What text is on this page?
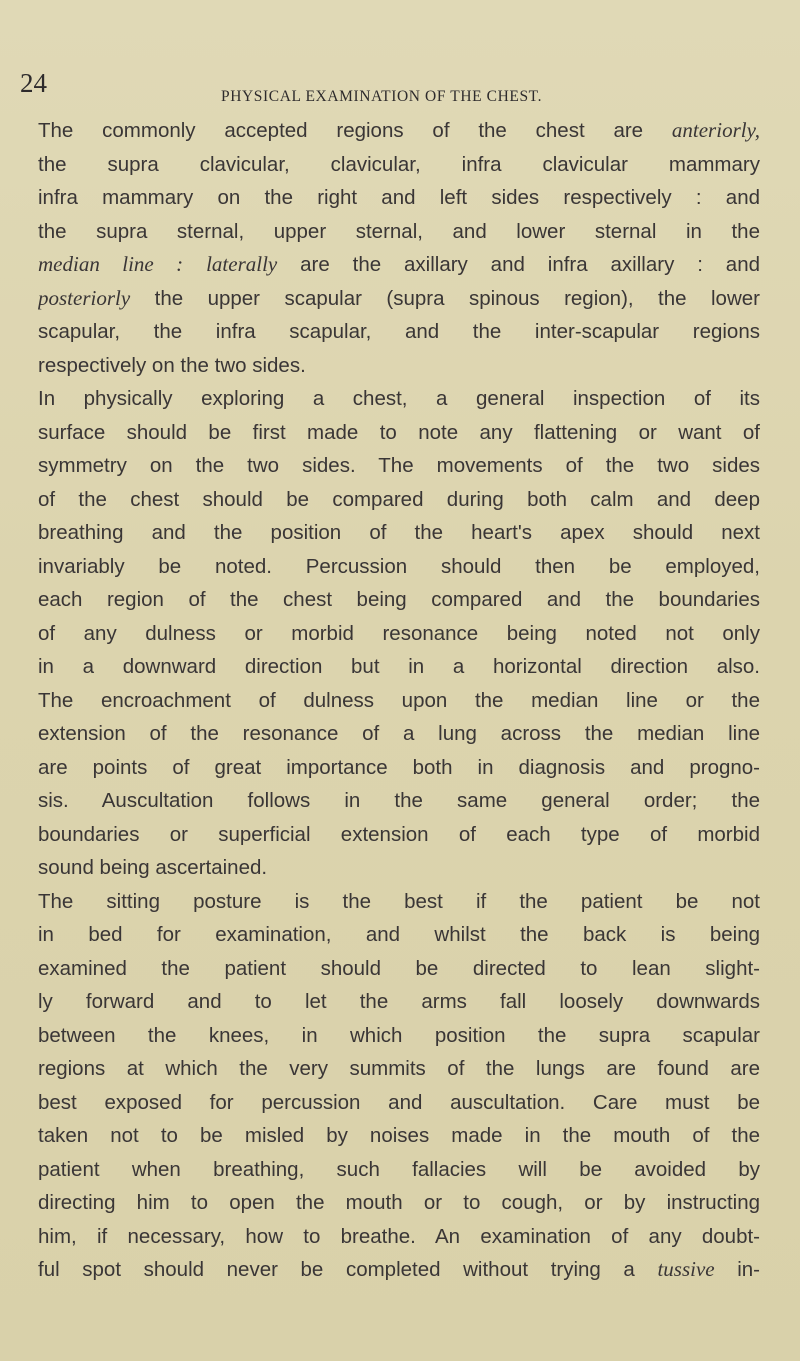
24	PHYSICAL EXAMINATION OF THE CHEST.
The commonly accepted regions of the chest are anteriorly,
the supra clavicular, clavicular, infra clavicular mammary
infra mammary on the right and left sides respectively : and
the supra sternal, upper sternal, and lower sternal in the
median line : laterally are the axillary and infra axillary : and
posteriorly the upper scapular (supra spinous region), the lower
scapular, the infra scapular, and the inter-scapular regions
respectively on the two sides.
In physically exploring a chest, a general inspection of its
surface should be first made to note any flattening or want of
symmetry on the two sides. The movements of the two sides
of the chest should be compared during both calm and deep
breathing and the position of the heart's apex should next
invariably be noted. Percussion should then be employed,
each region of the chest being compared and the boundaries
of any dulness or morbid resonance being noted not only
in a downward direction but in a horizontal direction also.
The encroachment of dulness upon the median line or the
extension of the resonance of a lung across the median line
are points of great importance both in diagnosis and progno-
sis. Auscultation follows in the same general order; the
boundaries or superficial extension of each type of morbid
sound being ascertained.
The sitting posture is the best if the patient be not
in bed for examination, and whilst the back is being
examined the patient should be directed to lean slight-
ly forward and to let the arms fall loosely downwards
between the knees, in which position the supra scapular
regions at which the very summits of the lungs are found are
best exposed for percussion and auscultation. Care must be
taken not to be misled by noises made in the mouth of the
patient when breathing, such fallacies will be avoided by
directing him to open the mouth or to cough, or by instructing
him, if necessary, how to breathe. An examination of any doubt-
ful spot should never be completed without trying a tussive in-
